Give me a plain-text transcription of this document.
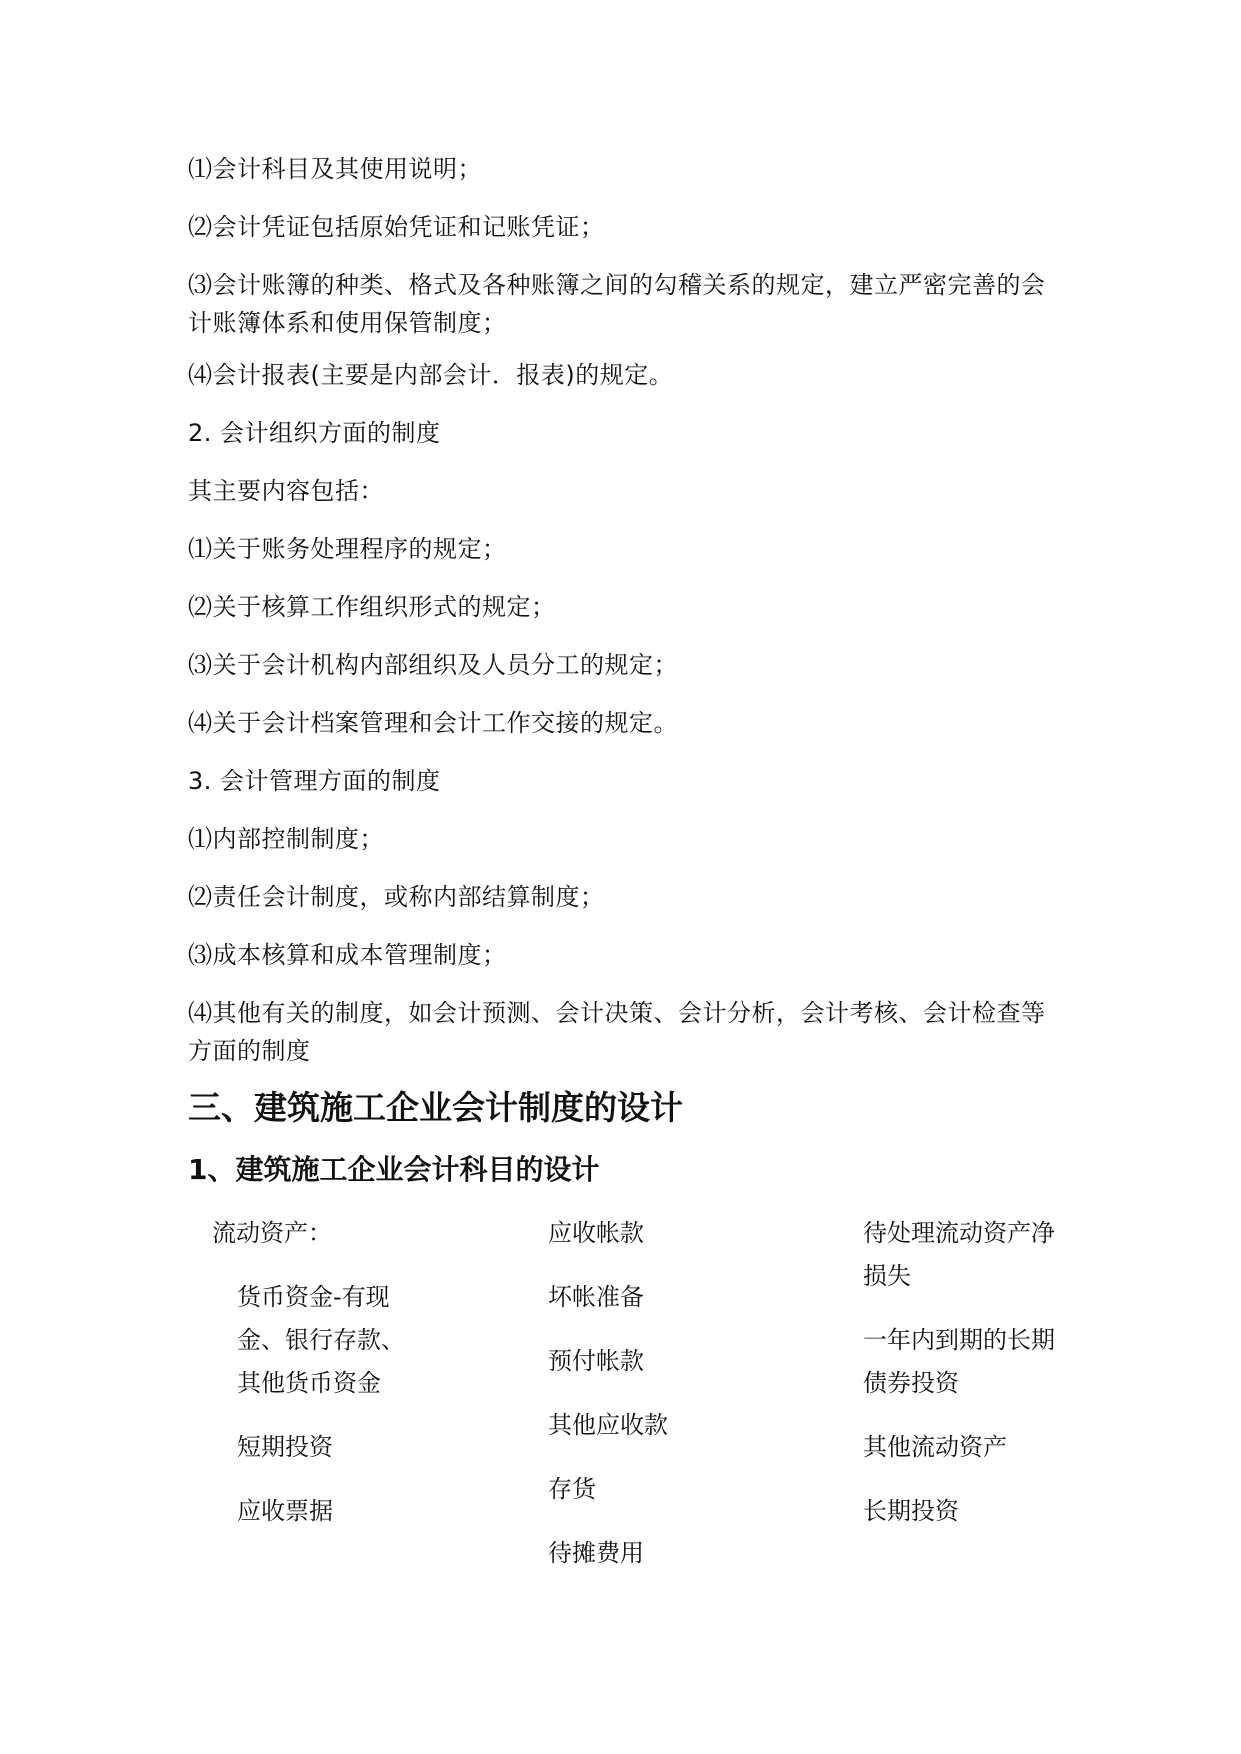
⑴会计科目及其使用说明；
⑵会计凭证包括原始凭证和记账凭证；
⑶会计账簿的种类、格式及各种账簿之间的勾稽关系的规定，建立严密完善的会计账簿体系和使用保管制度；
⑷会计报表(主要是内部会计．报表)的规定。
2. 会计组织方面的制度
其主要内容包括：
⑴关于账务处理程序的规定；
⑵关于核算工作组织形式的规定；
⑶关于会计机构内部组织及人员分工的规定；
⑷关于会计档案管理和会计工作交接的规定。
3. 会计管理方面的制度
⑴内部控制制度；
⑵责任会计制度，或称内部结算制度；
⑶成本核算和成本管理制度；
⑷其他有关的制度，如会计预测、会计决策、会计分析，会计考核、会计检查等方面的制度
三、建筑施工企业会计制度的设计
1、建筑施工企业会计科目的设计
流动资产：
货币资金-有现金、银行存款、其他货币资金
短期投资
应收票据
应收帐款
坏帐准备
预付帐款
其他应收款
存货
待摊费用
待处理流动资产净损失
一年内到期的长期债券投资
其他流动资产
长期投资
